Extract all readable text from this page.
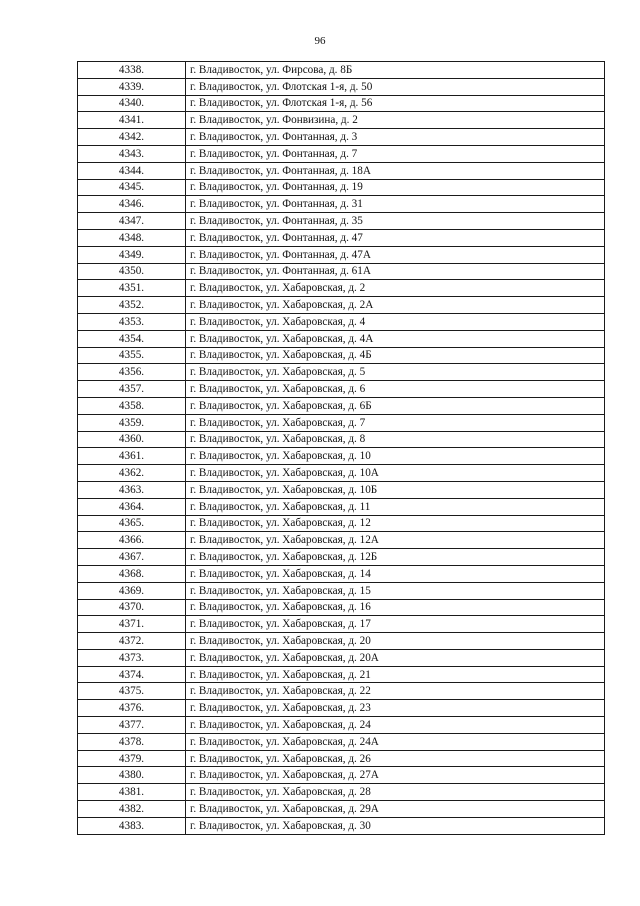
96
4338.	г. Владивосток, ул. Фирсова, д. 8Б
4339.	г. Владивосток, ул. Флотская 1-я, д. 50
4340.	г. Владивосток, ул. Флотская 1-я, д. 56
4341.	г. Владивосток, ул. Фонвизина, д. 2
4342.	г. Владивосток, ул. Фонтанная, д. 3
4343.	г. Владивосток, ул. Фонтанная, д. 7
4344.	г. Владивосток, ул. Фонтанная, д. 18А
4345.	г. Владивосток, ул. Фонтанная, д. 19
4346.	г. Владивосток, ул. Фонтанная, д. 31
4347.	г. Владивосток, ул. Фонтанная, д. 35
4348.	г. Владивосток, ул. Фонтанная, д. 47
4349.	г. Владивосток, ул. Фонтанная, д. 47А
4350.	г. Владивосток, ул. Фонтанная, д. 61А
4351.	г. Владивосток, ул. Хабаровская, д. 2
4352.	г. Владивосток, ул. Хабаровская, д. 2А
4353.	г. Владивосток, ул. Хабаровская, д. 4
4354.	г. Владивосток, ул. Хабаровская, д. 4А
4355.	г. Владивосток, ул. Хабаровская, д. 4Б
4356.	г. Владивосток, ул. Хабаровская, д. 5
4357.	г. Владивосток, ул. Хабаровская, д. 6
4358.	г. Владивосток, ул. Хабаровская, д. 6Б
4359.	г. Владивосток, ул. Хабаровская, д. 7
4360.	г. Владивосток, ул. Хабаровская, д. 8
4361.	г. Владивосток, ул. Хабаровская, д. 10
4362.	г. Владивосток, ул. Хабаровская, д. 10А
4363.	г. Владивосток, ул. Хабаровская, д. 10Б
4364.	г. Владивосток, ул. Хабаровская, д. 11
4365.	г. Владивосток, ул. Хабаровская, д. 12
4366.	г. Владивосток, ул. Хабаровская, д. 12А
4367.	г. Владивосток, ул. Хабаровская, д. 12Б
4368.	г. Владивосток, ул. Хабаровская, д. 14
4369.	г. Владивосток, ул. Хабаровская, д. 15
4370.	г. Владивосток, ул. Хабаровская, д. 16
4371.	г. Владивосток, ул. Хабаровская, д. 17
4372.	г. Владивосток, ул. Хабаровская, д. 20
4373.	г. Владивосток, ул. Хабаровская, д. 20А
4374.	г. Владивосток, ул. Хабаровская, д. 21
4375.	г. Владивосток, ул. Хабаровская, д. 22
4376.	г. Владивосток, ул. Хабаровская, д. 23
4377.	г. Владивосток, ул. Хабаровская, д. 24
4378.	г. Владивосток, ул. Хабаровская, д. 24А
4379.	г. Владивосток, ул. Хабаровская, д. 26
4380.	г. Владивосток, ул. Хабаровская, д. 27А
4381.	г. Владивосток, ул. Хабаровская, д. 28
4382.	г. Владивосток, ул. Хабаровская, д. 29А
4383.	г. Владивосток, ул. Хабаровская, д. 30
